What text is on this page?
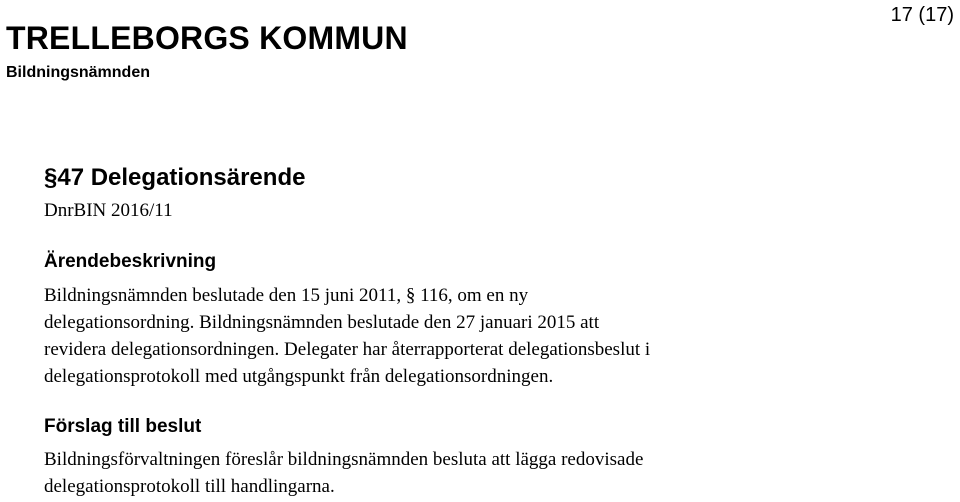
TRELLEBORGS KOMMUN
Bildningsnämnden
17 (17)
§47 Delegationsärende
DnrBIN 2016/11
Ärendebeskrivning

Bildningsnämnden beslutade den 15 juni 2011, § 116, om en ny
delegationsordning. Bildningsnämnden beslutade den 27 januari 2015 att
revidera delegationsordningen. Delegater har återrapporterat delegationsbeslut i
delegationsprotokoll med utgångspunkt från delegationsordningen.

Förslag till beslut

Bildningsförvaltningen föreslår bildningsnämnden besluta att lägga redovisade
delegationsprotokoll till handlingarna.
